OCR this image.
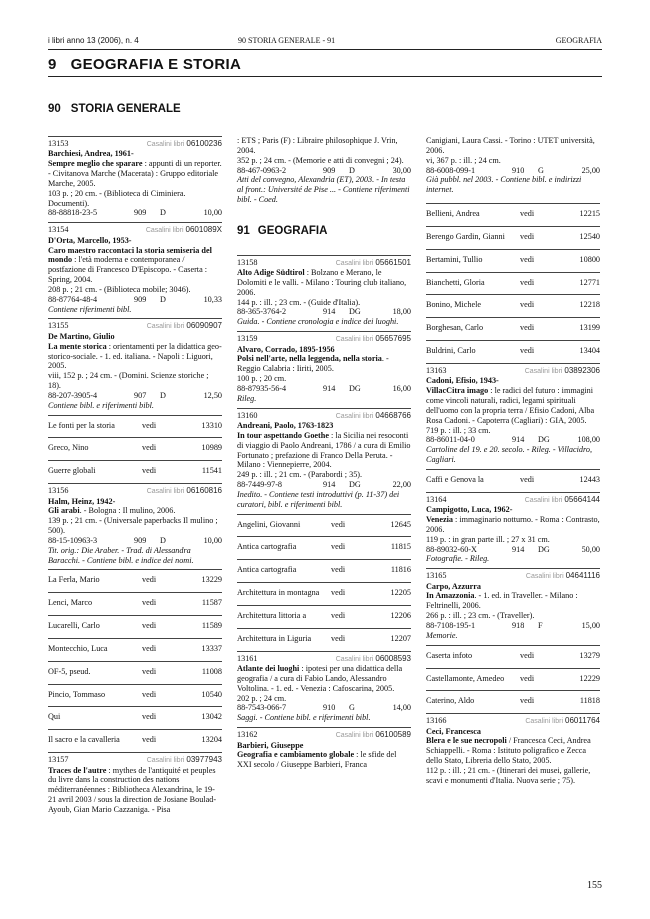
i libri anno 13 (2006), n. 4	90 STORIA GENERALE - 91	GEOGRAFIA
9 GEOGRAFIA E STORIA
90 STORIA GENERALE
13153	Casalini libri 06100236
Barchiesi, Andrea, 1961-
Sempre meglio che sparare : appunti di un reporter. - Civitanova Marche (Macerata) : Gruppo editoriale Marche, 2005.
103 p. ; 20 cm. - (Biblioteca di Ciminiera. Documenti).
88-88818-23-5	909	D	10,00
13154	Casalini libri 0601089X
D'Orta, Marcello, 1953-
Caro maestro raccontaci la storia semiseria del mondo : l'età moderna e contemporanea / postfazione di Francesco D'Episcopo. - Caserta : Spring, 2004.
208 p. ; 21 cm. - (Biblioteca mobile; 3046).
88-87764-48-4	909	D	10,33
Contiene riferimenti bibl.
13155	Casalini libri 06090907
De Martino, Giulio
La mente storica : orientamenti per la didattica geo-storico-sociale. - 1. ed. italiana. - Napoli : Liguori, 2005.
viii, 152 p. ; 24 cm. - (Domini. Scienze storiche ; 18).
88-207-3905-4	907	D	12,50
Contiene bibl. e riferimenti bibl.
Le fonti per la storia	vedi	13310
Greco, Nino	vedi	10989
Guerre globali	vedi	11541
13156	Casalini libri 06160816
Halm, Heinz, 1942-
Gli arabi. - Bologna : Il mulino, 2006.
139 p. ; 21 cm. - (Universale paperbacks Il mulino ; 500).
88-15-10963-3	909	D	10,00
Tit. orig.: Die Araber. - Trad. di Alessandra Baracchi. - Contiene bibl. e indice dei nomi.
La Ferla, Mario	vedi	13229
Lenci, Marco	vedi	11587
Lucarelli, Carlo	vedi	11589
Montecchio, Luca	vedi	13337
OF-5, pseud.	vedi	11008
Pincio, Tommaso	vedi	10540
Qui	vedi	13042
Il sacro e la cavalleria	vedi	13204
13157	Casalini libri 03977943
Traces de l'autre : mythes de l'antiquité et peuples du livre dans la construction des nations méditerranéennes : Bibliotheca Alexandrina, le 19-21 avril 2003 / sous la direction de Josiane Boulad-Ayoub, Gian Mario Cazzaniga. - Pisa
: ETS ; Paris (F) : Libraire philosophique J. Vrin, 2004.
352 p. ; 24 cm. - (Memorie e atti di convegni ; 24).
88-467-0963-2	909	D	30,00
Atti del convegno, Alexandria (ET), 2003. - In testa al front.: Université de Pise ... - Contiene riferimenti bibl. - Coed.
91 GEOGRAFIA
13158	Casalini libri 05661501
Alto Adige Südtirol : Bolzano e Merano, le Dolomiti e le valli. - Milano : Touring club italiano, 2006.
144 p. : ill. ; 23 cm. - (Guide d'Italia).
88-365-3764-2	914	DG	18,00
Guida. - Contiene cronologia e indice dei luoghi.
13159	Casalini libri 05657695
Alvaro, Corrado, 1895-1956
Polsi nell'arte, nella leggenda, nella storia. - Reggio Calabria : Iiriti, 2005.
100 p. ; 20 cm.
88-87935-56-4	914	DG	16,00
Rileg.
13160	Casalini libri 04668766
Andreani, Paolo, 1763-1823
In tour aspettando Goethe : la Sicilia nei resoconti di viaggio di Paolo Andreani, 1786 / a cura di Emilio Fortunato ; prefazione di Franco Della Peruta. - Milano : Viennepierre, 2004.
249 p. : ill. ; 21 cm. - (Parabordi ; 35).
88-7449-97-8	914	DG	22,00
Inedito. - Contiene testi introduttivi (p. 11-37) dei curatori, bibl. e riferimenti bibl.
Angelini, Giovanni	vedi	12645
Antica cartografia	vedi	11815
Antica cartografia	vedi	11816
Architettura in montagna	vedi	12205
Architettura littoria a	vedi	12206
Architettura in Liguria	vedi	12207
13161	Casalini libri 06008593
Atlante dei luoghi : ipotesi per una didattica della geografia / a cura di Fabio Lando, Alessandro Voltolina. - 1. ed. - Venezia : Cafoscarina, 2005.
202 p. ; 24 cm.
88-7543-066-7	910	G	14,00
Saggi. - Contiene bibl. e riferimenti bibl.
13162	Casalini libri 06100589
Barbieri, Giuseppe
Geografia e cambiamento globale : le sfide del XXI secolo / Giuseppe Barbieri, Franca
Canigiani, Laura Cassi. - Torino : UTET università, 2006.
vi, 367 p. : ill. ; 24 cm.
88-6008-099-1	910	G	25,00
Già pubbl. nel 2003. - Contiene bibl. e indirizzi internet.
Bellieni, Andrea	vedi	12215
Berengo Gardin, Gianni	vedi	12540
Bertamini, Tullio	vedi	10800
Bianchetti, Gloria	vedi	12771
Bonino, Michele	vedi	12218
Borghesan, Carlo	vedi	13199
Buldrini, Carlo	vedi	13404
13163	Casalini libri 03892306
Cadoni, Efisio, 1943-
VillacCitra imago : le radici del futuro : immagini come vincoli naturali, radici, legami spirituali dell'uomo con la propria terra / Efisio Cadoni, Alba Rosa Cadoni. - Capoterra (Cagliari) : GIA, 2005.
719 p. : ill. ; 33 cm.
88-86011-04-0	914	DG	108,00
Cartoline del 19. e 20. secolo. - Rileg. - Villacidro, Cagliari.
Caffi e Genova la	vedi	12443
13164	Casalini libri 05664144
Campigotto, Luca, 1962-
Venezia : immaginario notturno. - Roma : Contrasto, 2006.
119 p. : in gran parte ill. ; 27 x 31 cm.
88-89032-60-X	914	DG	50,00
Fotografie. - Rileg.
13165	Casalini libri 04641116
Carpo, Azzurra
In Amazzonia. - 1. ed. in Traveller. - Milano : Feltrinelli, 2006.
266 p. : ill. ; 23 cm. - (Traveller).
88-7108-195-1	918	F	15,00
Memorie.
Caserta infoto	vedi	13279
Castellamonte, Amedeo	vedi	12229
Caterino, Aldo	vedi	11818
13166	Casalini libri 06011764
Ceci, Francesca
Blera e le sue necropoli / Francesca Ceci, Andrea Schiappelli. - Roma : Istituto poligrafico e Zecca dello Stato, Libreria dello Stato, 2005.
112 p. : ill. ; 21 cm. - (Itinerari dei musei, gallerie, scavi e monumenti d'Italia. Nuova serie ; 75).
155
